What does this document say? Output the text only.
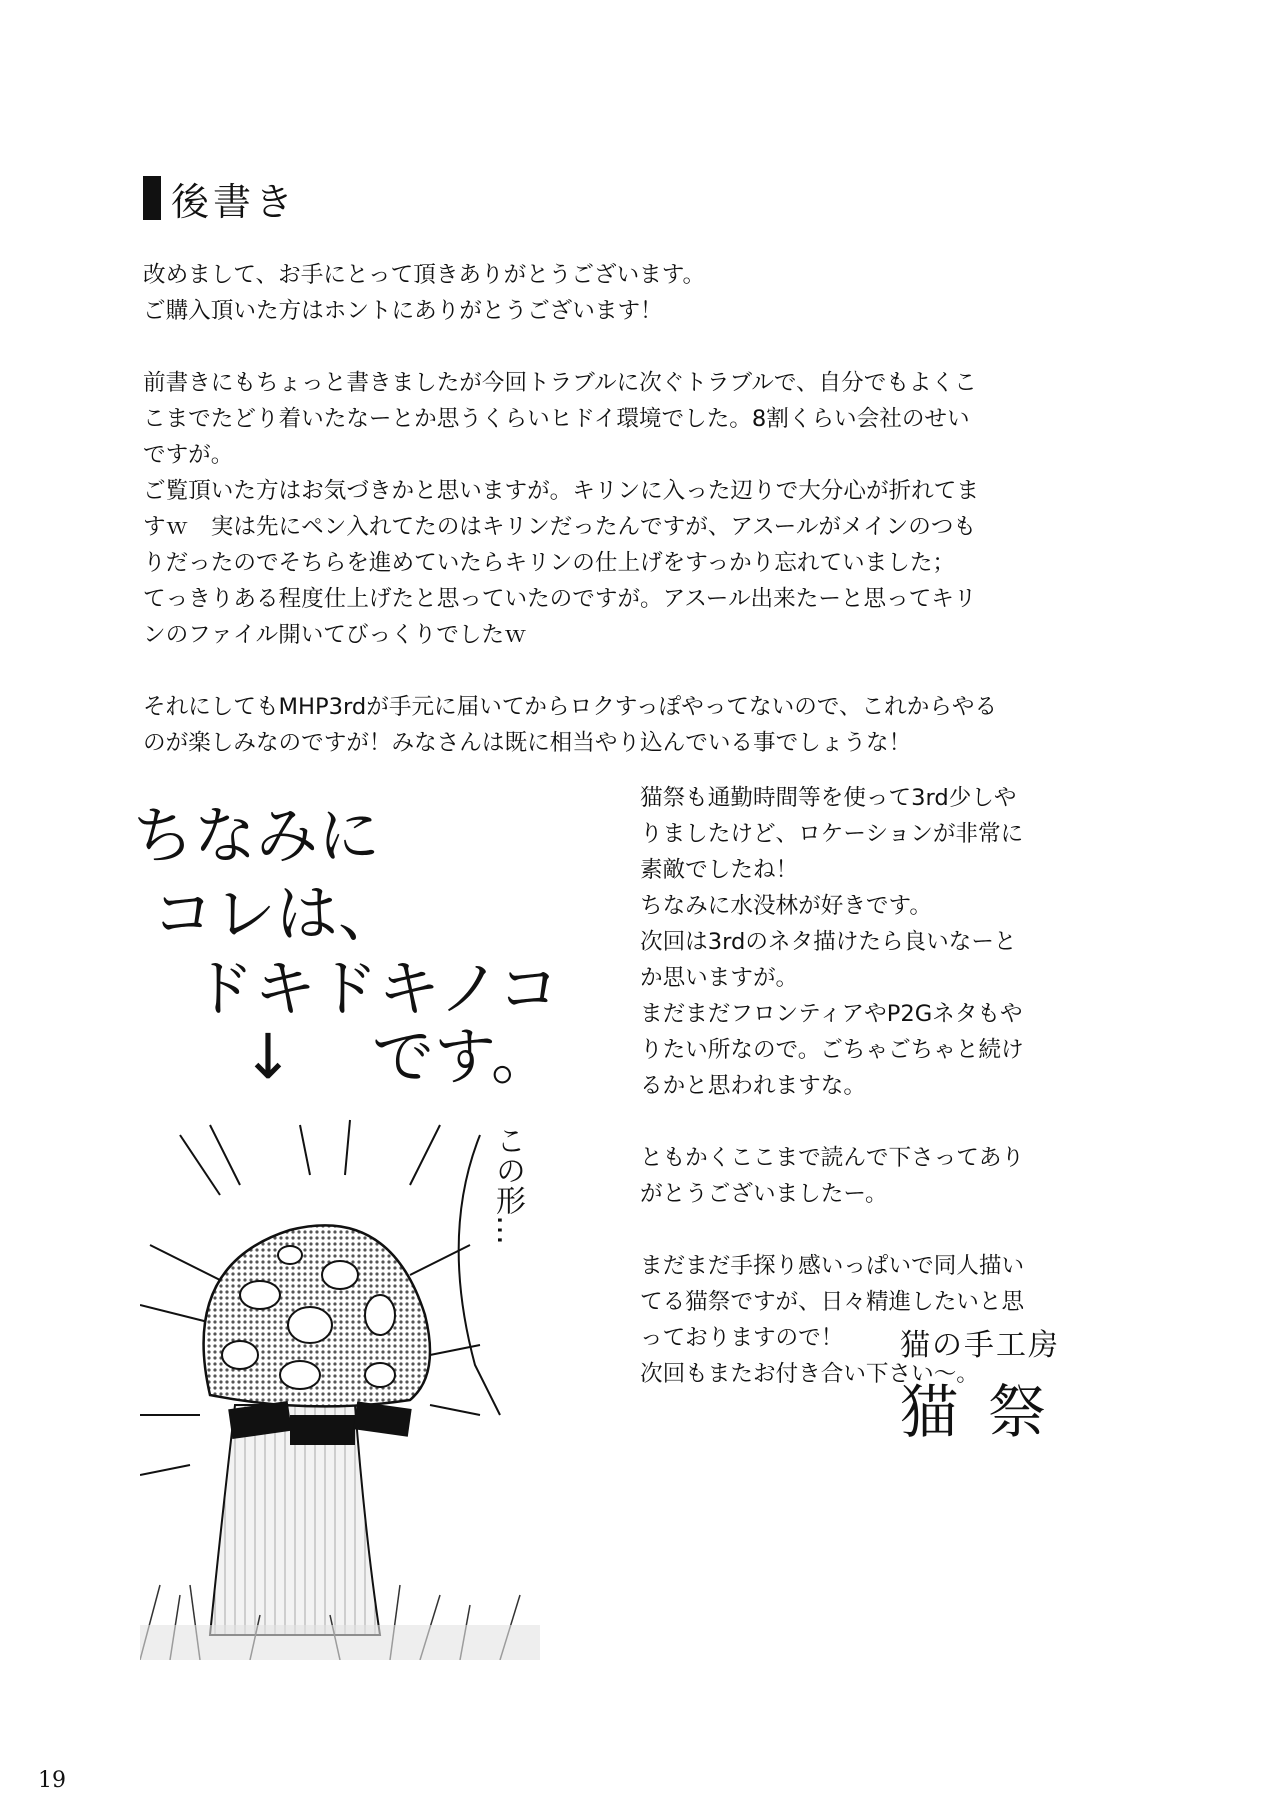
後書き
改めまして、お手にとって頂きありがとうございます。
ご購入頂いた方はホントにありがとうございます！
前書きにもちょっと書きましたが今回トラブルに次ぐトラブルで、自分でもよくこ
こまでたどり着いたなーとか思うくらいヒドイ環境でした。8割くらい会社のせい
ですが。
ご覧頂いた方はお気づきかと思いますが。キリンに入った辺りで大分心が折れてま
すｗ　実は先にペン入れてたのはキリンだったんですが、アスールがメインのつも
りだったのでそちらを進めていたらキリンの仕上げをすっかり忘れていました；
てっきりある程度仕上げたと思っていたのですが。アスール出来たーと思ってキリ
ンのファイル開いてびっくりでしたｗ
それにしてもMHP3rdが手元に届いてからロクすっぽやってないので、これからやる
のが楽しみなのですが！みなさんは既に相当やり込んでいる事でしょうな！
ちなみに
コレは、
ドキドキノコ
↓ です。
この形…
猫祭も通勤時間等を使って3rd少しや
りましたけど、ロケーションが非常に
素敵でしたね！
ちなみに水没林が好きです。
次回は3rdのネタ描けたら良いなーと
か思いますが。
まだまだフロンティアやP2Gネタもや
りたい所なので。ごちゃごちゃと続け
るかと思われますな。
ともかくここまで読んで下さってあり
がとうございましたー。
まだまだ手探り感いっぱいで同人描い
てる猫祭ですが、日々精進したいと思
っておりますので！
次回もまたお付き合い下さい～。
猫の手工房
猫祭
19
